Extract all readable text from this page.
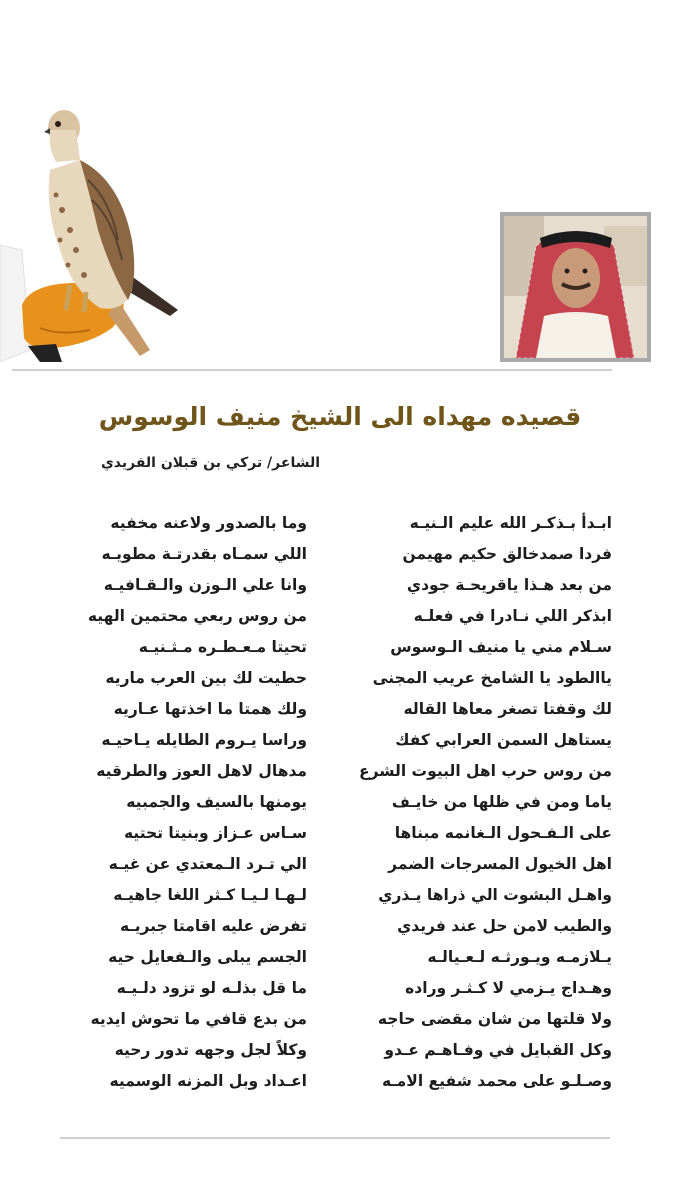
قصيده مهداه الى الشيخ منيف الوسوس
الشاعر/ تركي بن قبلان الفريدي
ابـدأ بـذكـر الله عليم الـنيـه
فردا صمدخالق حكيم مهيمن
من بعد هـذا ياقريحـة جودي
ابذكر اللي نـادرا في فعلـه
سـلام مني يا منيف الـوسوس
ياالطود يا الشامخ عريب المجنى
لك وقفتا تصغر معاها القاله
يستاهل السمن العرابي كفك
من روس حرب اهل البيوت الشرع
ياما ومن في ظلها من خايـف
على الـفـحول الـغانمه مبناها
اهل الخيول المسرجات الضمر
واهـل البشوت الي ذراها يـذري
والطيب لامن حل عند فريدي
يـلازمـه ويـورثـه لـعـيالـه
وهـداج يـزمي لا كـثـر وراده
ولا قلتها من شان مقضى حاجه
وكل القبايل في وفـاهـم عـدو
وصـلـو على محمد شفيع الامـه
وما بالصدور ولاعنه مخفيه
اللي سمـاه بقدرتـة مطويـه
وانا علي الـوزن والـقـافيـه
من روس ربعي محتمين الهيه
تحيتا مـعـطـره مـثـنيـه
حطيت لك بين العرب ماريه
ولك همتا ما اخذتها عـاريه
وراسا يـروم الطايله يـاحيـه
مدهال لاهل العوز والطرقيه
يومنها بالسيف والجمبيه
سـاس عـزاز وبنيتا تحتيه
الي تـرد الـمعتدي عن غيـه
لـهـا لـيـا كـثر اللغا جاهيـه
تفرض عليه اقامتا جبريـه
الجسم يبلى والـفعايل حيه
ما قل بذلـه لو تزود دلـيـه
من بدع قافي ما تحوش ايديه
وكلاً لجل وجهه تدور رحيه
اعـداد وبل المزنه الوسميه
